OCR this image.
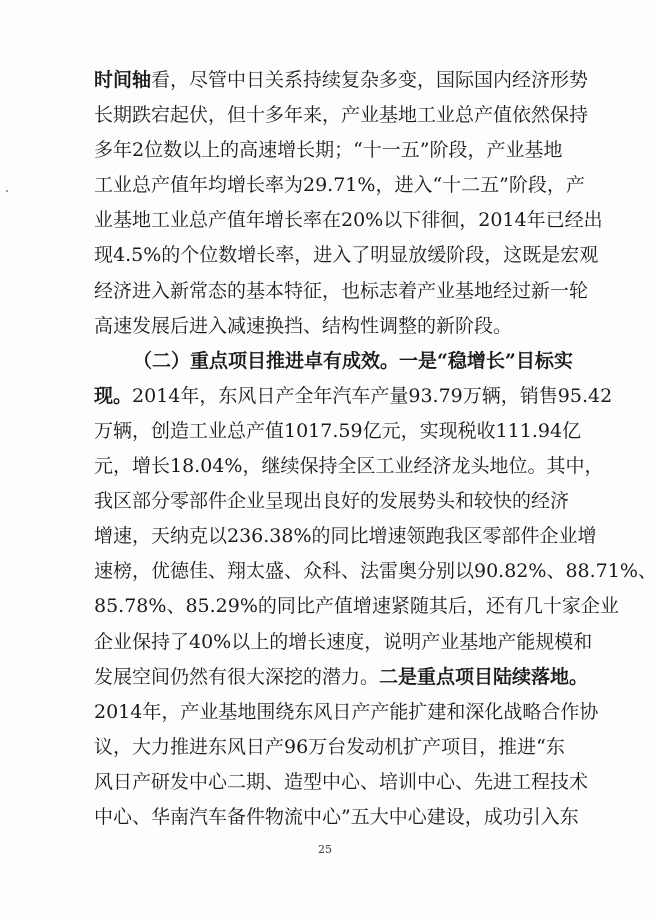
时间轴看，尽管中日关系持续复杂多变，国际国内经济形势
长期跌宕起伏，但十多年来，产业基地工业总产值依然保持
多年2位数以上的高速增长期；“十一五”阶段，产业基地
工业总产值年均增长率为29.71%，进入“十二五”阶段，产
业基地工业总产值年增长率在20%以下徘徊，2014年已经出
现4.5%的个位数增长率，进入了明显放缓阶段，这既是宏观
经济进入新常态的基本特征，也标志着产业基地经过新一轮
高速发展后进入减速换挡、结构性调整的新阶段。
（二）重点项目推进卓有成效。一是“稳增长”目标实
现。2014年，东风日产全年汽车产量93.79万辆，销售95.42
万辆，创造工业总产值1017.59亿元，实现税收111.94亿
元，增长18.04%，继续保持全区工业经济龙头地位。其中，
我区部分零部件企业呈现出良好的发展势头和较快的经济
增速，天纳克以236.38%的同比增速领跑我区零部件企业增
速榜，优德佳、翔太盛、众科、法雷奥分别以90.82%、88.71%、
85.78%、85.29%的同比产值增速紧随其后，还有几十家企业
企业保持了40%以上的增长速度，说明产业基地产能规模和
发展空间仍然有很大深挖的潜力。二是重点项目陆续落地。
2014年，产业基地围绕东风日产产能扩建和深化战略合作协
议，大力推进东风日产96万台发动机扩产项目，推进“东
风日产研发中心二期、造型中心、培训中心、先进工程技术
中心、华南汽车备件物流中心”五大中心建设，成功引入东
25
